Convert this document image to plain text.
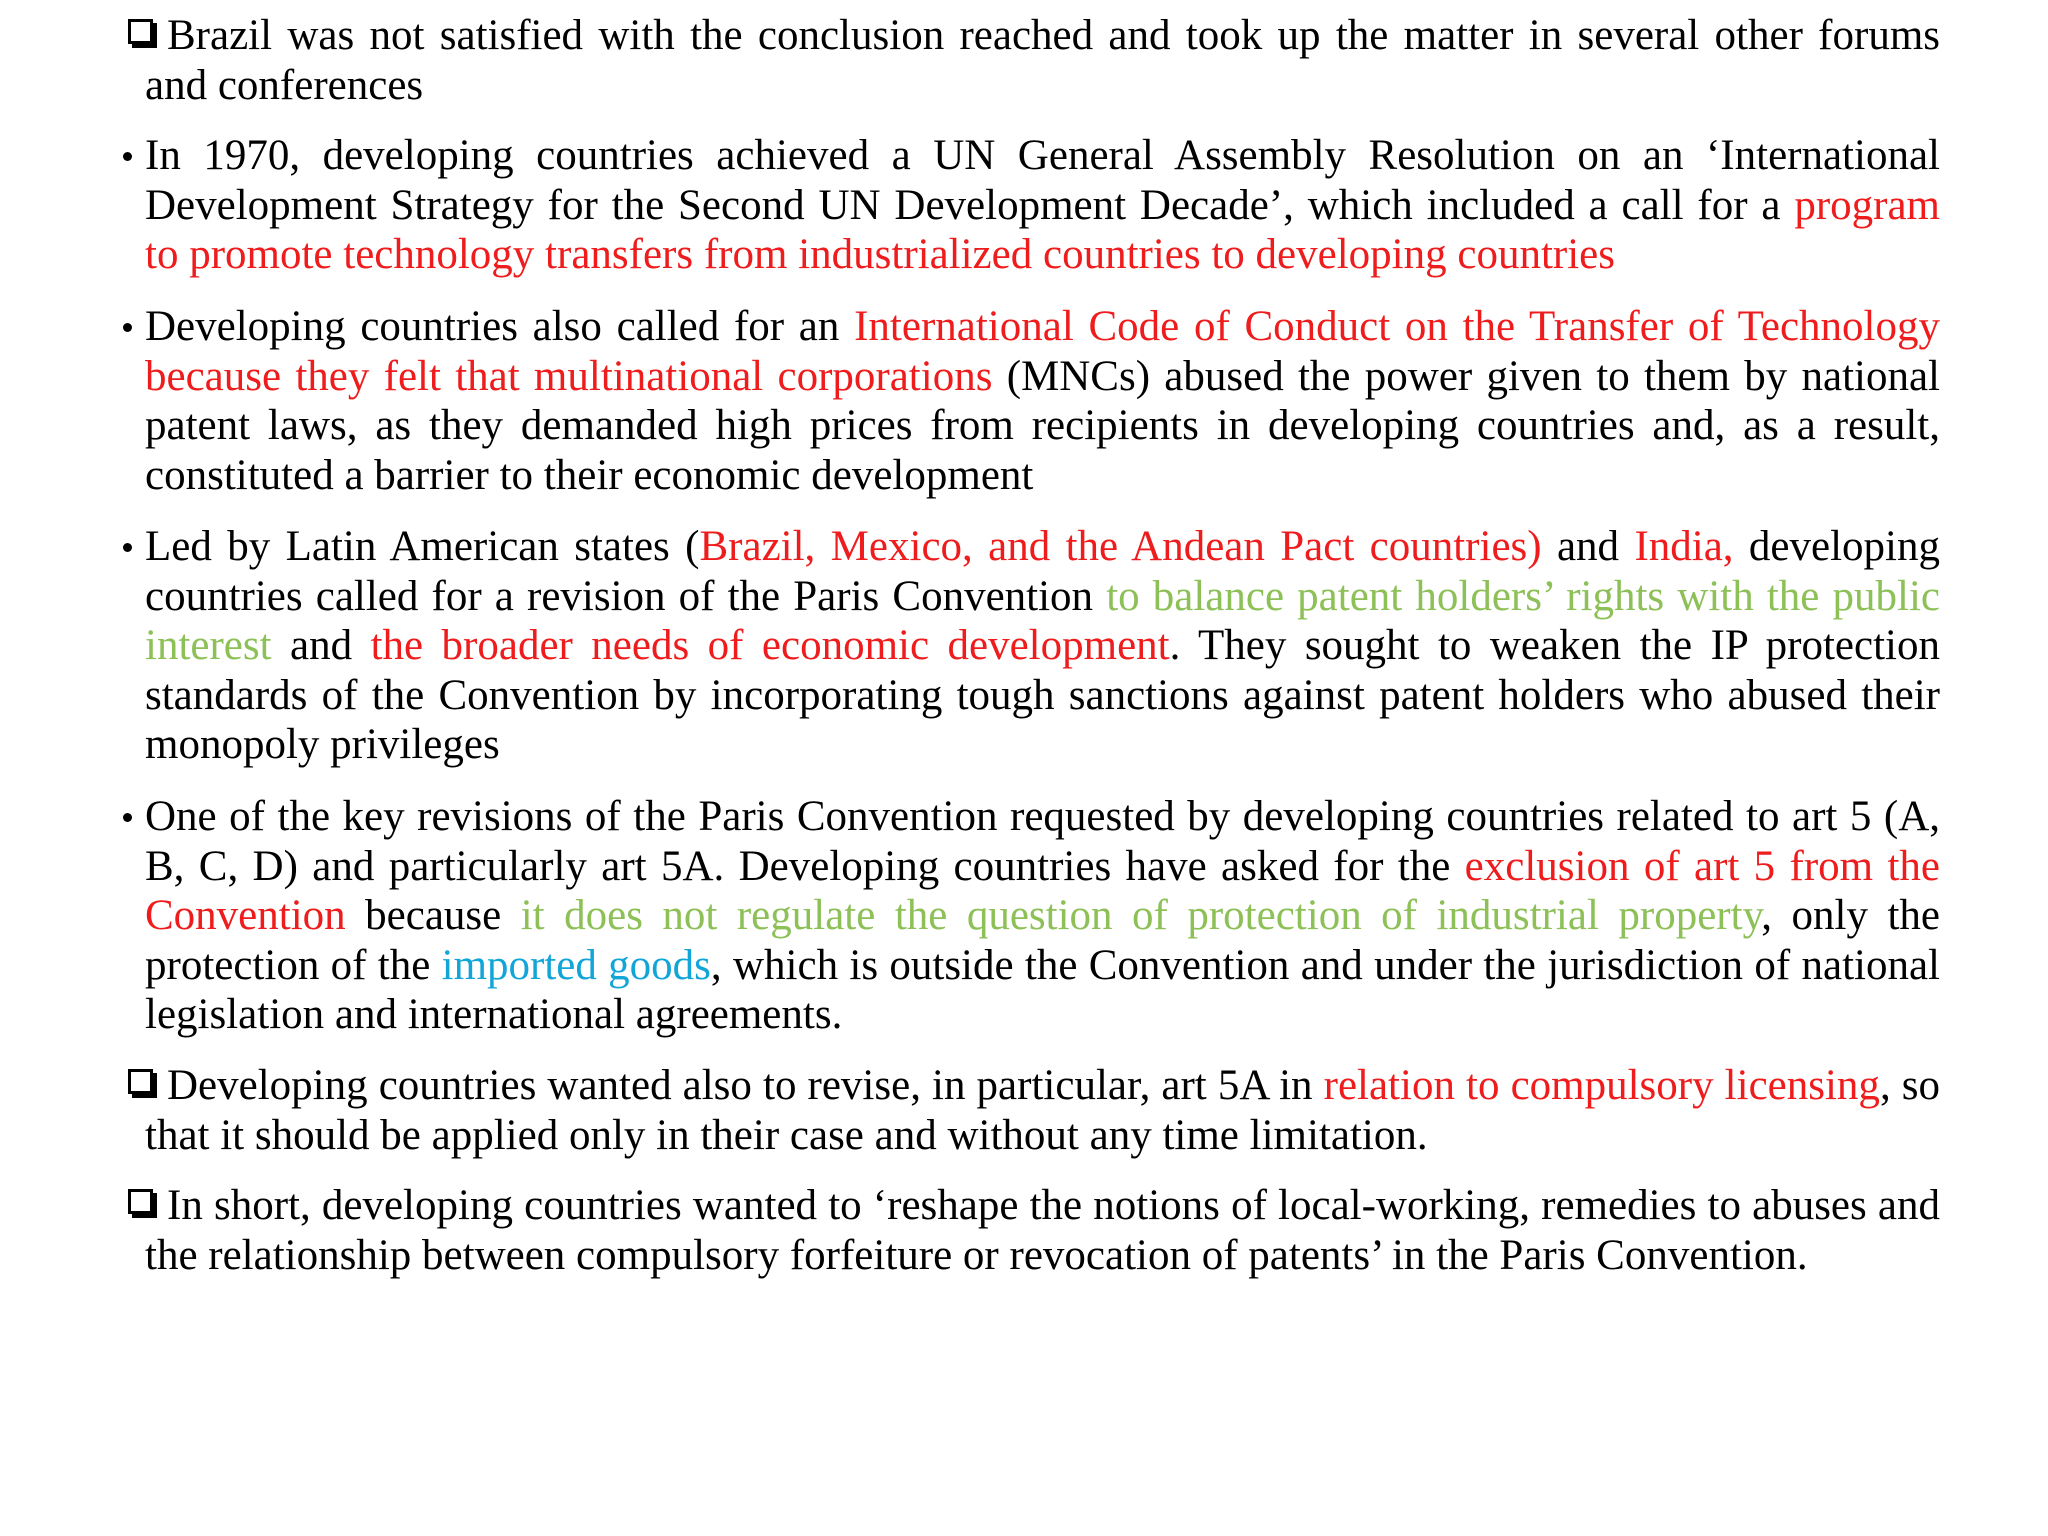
Brazil was not satisfied with the conclusion reached and took up the matter in several other forums and conferences
In 1970, developing countries achieved a UN General Assembly Resolution on an ‘International Development Strategy for the Second UN Development Decade’, which included a call for a program to promote technology transfers from industrialized countries to developing countries
Developing countries also called for an International Code of Conduct on the Transfer of Technology because they felt that multinational corporations (MNCs) abused the power given to them by national patent laws, as they demanded high prices from recipients in developing countries and, as a result, constituted a barrier to their economic development
Led by Latin American states (Brazil, Mexico, and the Andean Pact countries) and India, developing countries called for a revision of the Paris Convention to balance patent holders’ rights with the public interest and the broader needs of economic development. They sought to weaken the IP protection standards of the Convention by incorporating tough sanctions against patent holders who abused their monopoly privileges
One of the key revisions of the Paris Convention requested by developing countries related to art 5 (A, B, C, D) and particularly art 5A. Developing countries have asked for the exclusion of art 5 from the Convention because it does not regulate the question of protection of industrial property, only the protection of the imported goods, which is outside the Convention and under the jurisdiction of national legislation and international agreements.
Developing countries wanted also to revise, in particular, art 5A in relation to compulsory licensing, so that it should be applied only in their case and without any time limitation.
In short, developing countries wanted to ‘reshape the notions of local-working, remedies to abuses and the relationship between compulsory forfeiture or revocation of patents’ in the Paris Convention.
